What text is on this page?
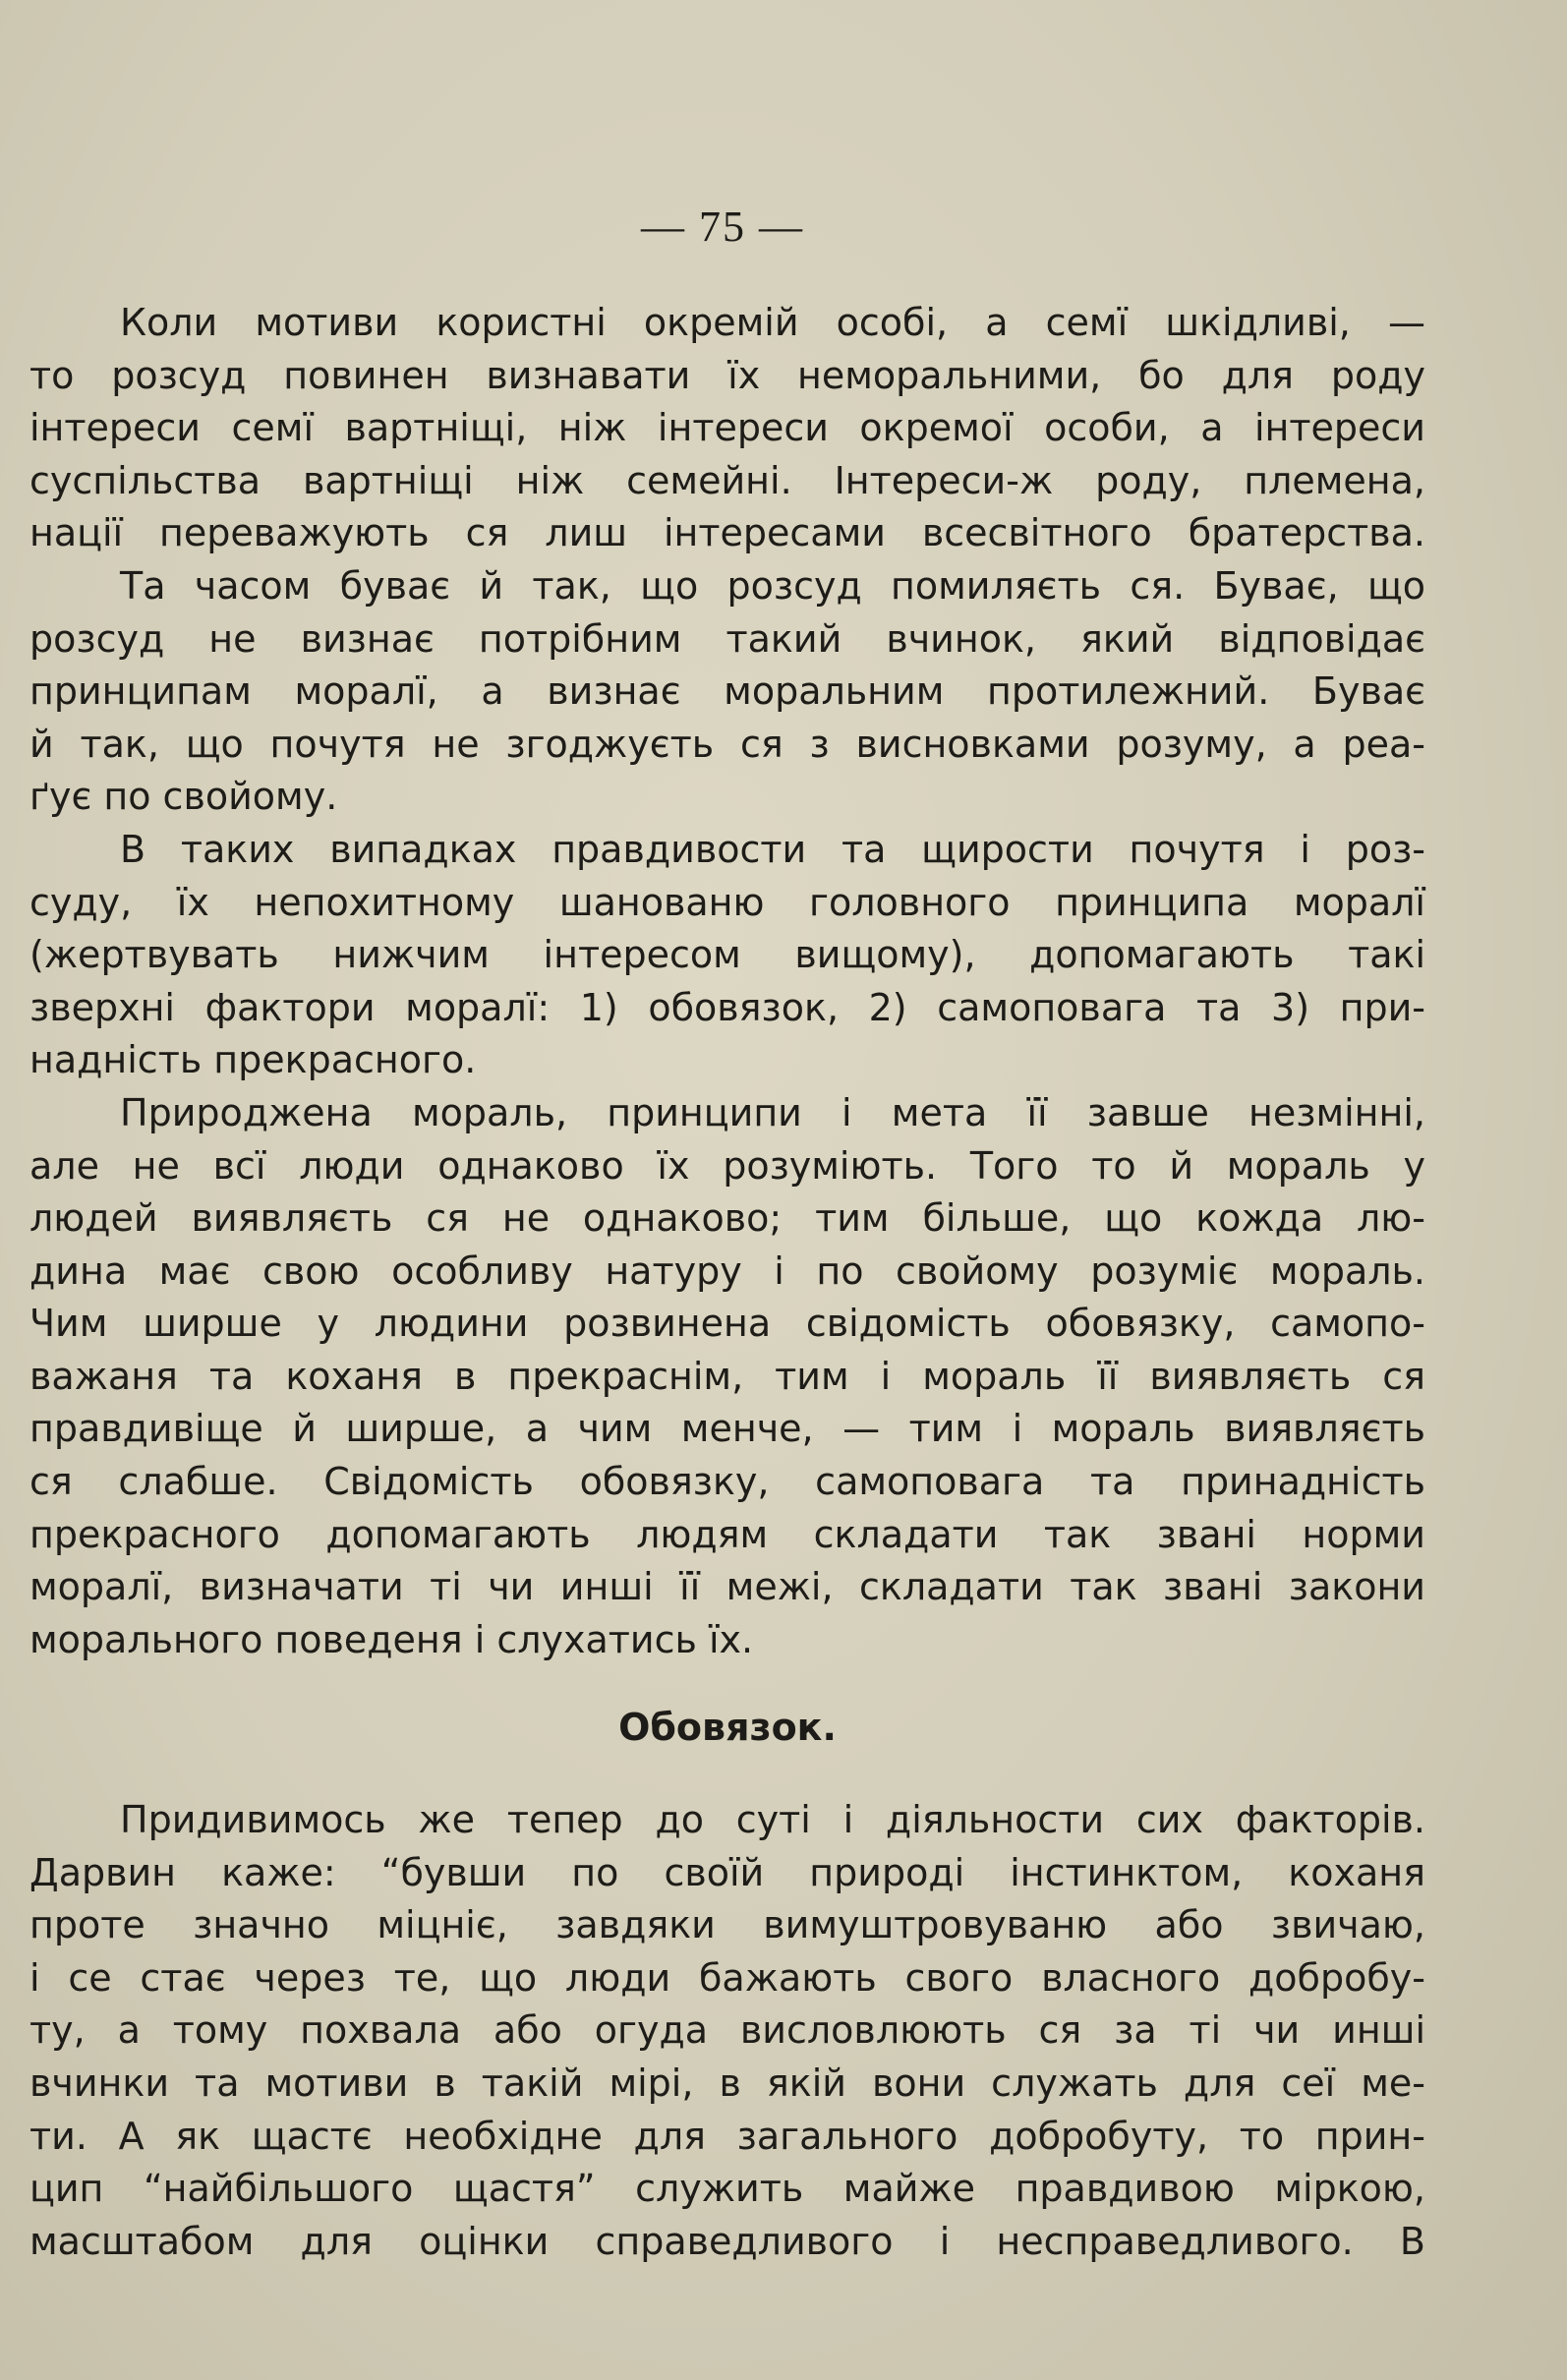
— 75 —
Коли мотиви користні окремій особі, а семї шкідливі, —
то розсуд повинен визнавати їх неморальними, бо для роду
інтереси семї вартніщі, ніж інтереси окремої особи, а інтереси
суспільства вартніщі ніж семейні. Інтереси-ж роду, племена,
нації переважують ся лиш інтересами всесвітного братерства.
Та часом буває й так, що розсуд помиляєть ся. Буває, що
розсуд не визнає потрібним такий вчинок, який відповідає
принципам моралї, а визнає моральним протилежний. Буває
й так, що почутя не згоджуєть ся з висновками розуму, а реа-
ґує по свойому.
В таких випадках правдивости та щирости почутя і роз-
суду, їх непохитному шанованю головного принципа моралї
(жертвувать нижчим інтересом вищому), допомагають такі
зверхні фактори моралї: 1) обовязок, 2) самоповага та 3) при-
надність прекрасного.
Природжена мораль, принципи і мета її завше незмінні,
але не всї люди однаково їх розуміють. Того то й мораль у
людей виявляєть ся не однаково; тим більше, що кожда лю-
дина має свою особливу натуру і по свойому розуміє мораль.
Чим ширше у людини розвинена свідомість обовязку, самопо-
важаня та коханя в прекраснім, тим і мораль її виявляєть ся
правдивіще й ширше, а чим менче, — тим і мораль виявляєть
ся слабше. Свідомість обовязку, самоповага та принадність
прекрасного допомагають людям складати так звані норми
моралї, визначати ті чи инші її межі, складати так звані закони
морального поведеня і слухатись їх.
Обовязок.
Придивимось же тепер до суті і діяльности сих факторів.
Дарвин каже: “бувши по своїй природі інстинктом, коханя
проте значно міцніє, завдяки вимуштровуваню або звичаю,
і се стає через те, що люди бажають свого власного добробу-
ту, а тому похвала або огуда висловлюють ся за ті чи инші
вчинки та мотиви в такій мірі, в якій вони служать для сеї ме-
ти. А як щастє необхідне для загального добробуту, то прин-
цип “найбільшого щастя” служить майже правдивою міркою,
масштабом для оцінки справедливого і несправедливого. В
